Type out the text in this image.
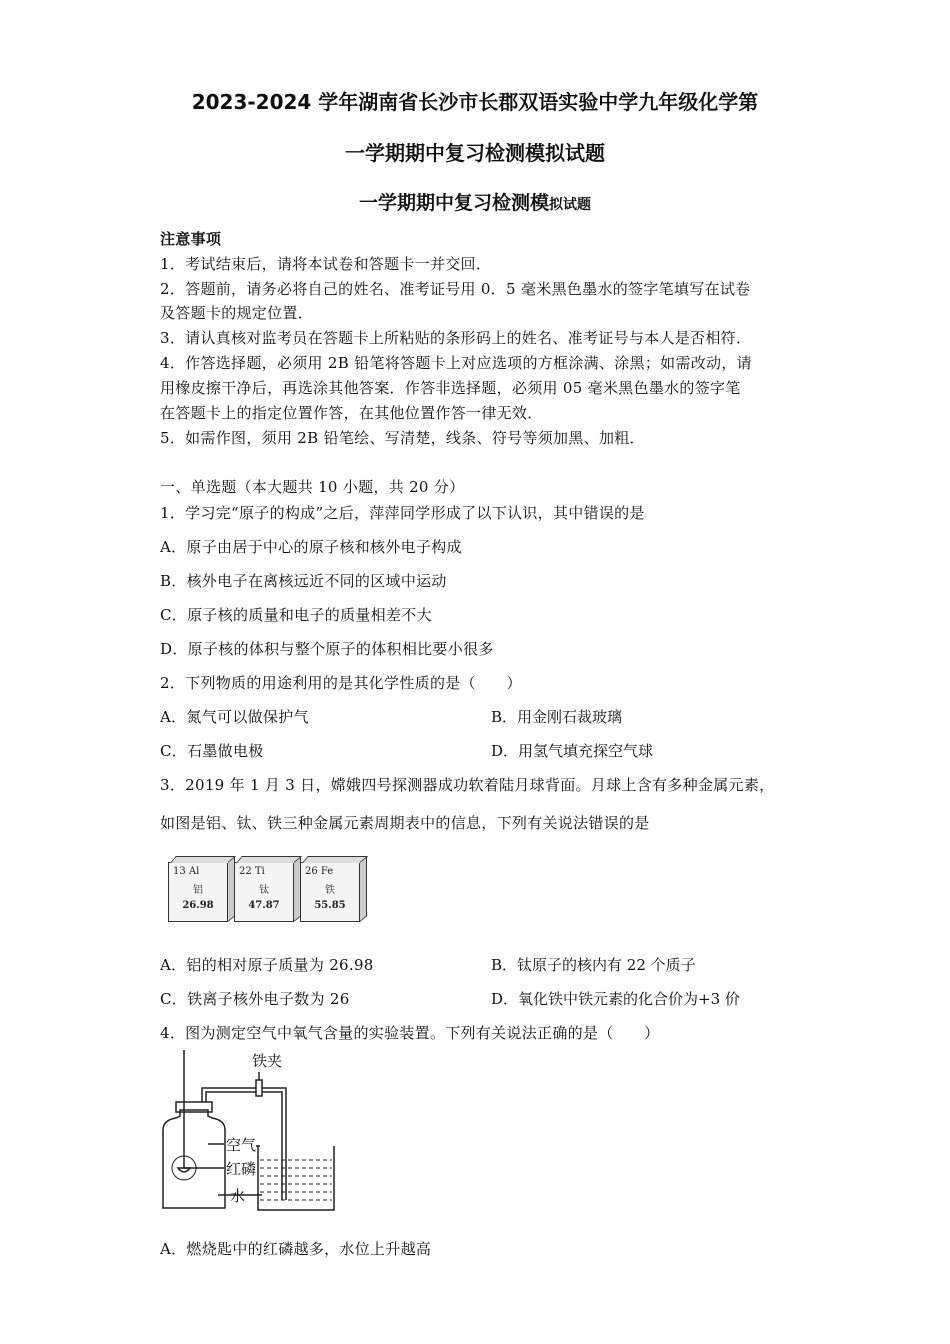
2023-2024 学年湖南省长沙市长郡双语实验中学九年级化学第
一学期期中复习检测模拟试题
一学期期中复习检测模拟试题
注意事项
1．考试结束后，请将本试卷和答题卡一并交回．
2．答题前，请务必将自己的姓名、准考证号用 0．5 毫米黑色墨水的签字笔填写在试卷
及答题卡的规定位置．
3．请认真核对监考员在答题卡上所粘贴的条形码上的姓名、准考证号与本人是否相符．
4．作答选择题，必须用 2B 铅笔将答题卡上对应选项的方框涂满、涂黑；如需改动，请
用橡皮擦干净后，再选涂其他答案．作答非选择题，必须用 05 毫米黑色墨水的签字笔
在答题卡上的指定位置作答，在其他位置作答一律无效．
5．如需作图，须用 2B 铅笔绘、写清楚，线条、符号等须加黑、加粗．
一、单选题（本大题共 10 小题，共 20 分）
1．学习完“原子的构成”之后，萍萍同学形成了以下认识，其中错误的是
A．原子由居于中心的原子核和核外电子构成
B．核外电子在离核远近不同的区域中运动
C．原子核的质量和电子的质量相差不大
D．原子核的体积与整个原子的体积相比要小很多
2．下列物质的用途利用的是其化学性质的是（　　）
A．氮气可以做保护气	B．用金刚石裁玻璃
C．石墨做电极	D．用氢气填充探空气球
3．2019 年 1 月 3 日，嫦娥四号探测器成功软着陆月球背面。月球上含有多种金属元素，
如图是铝、钛、铁三种金属元素周期表中的信息，下列有关说法错误的是
13 Al
铝
26.98
22 Ti
钛
47.87
26 Fe
铁
55.85
A．铝的相对原子质量为 26.98	B．钛原子的核内有 22 个质子
C．铁离子核外电子数为 26	D．氧化铁中铁元素的化合价为+3 价
4．图为测定空气中氧气含量的实验装置。下列有关说法正确的是（　　）
铁夹
空气
红磷
水
A．燃烧匙中的红磷越多，水位上升越高
